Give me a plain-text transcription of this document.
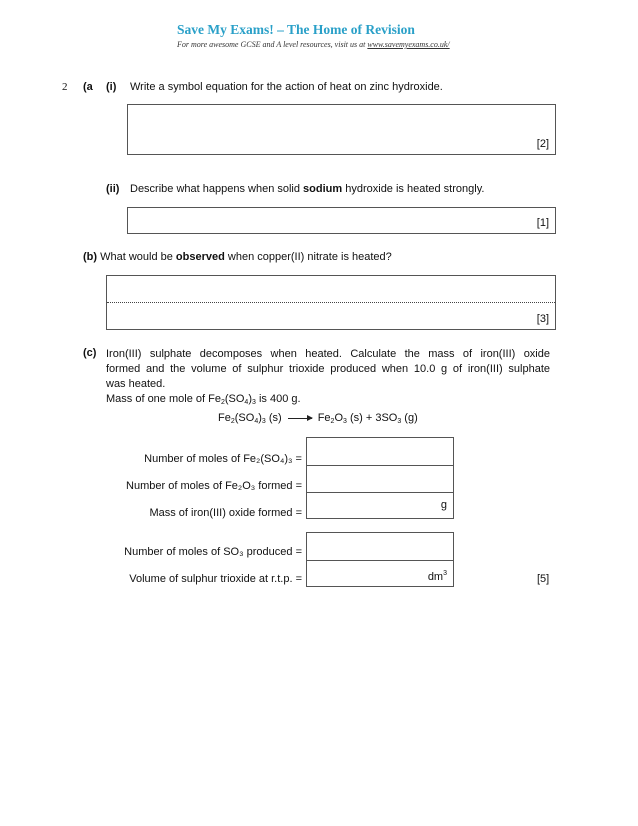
Save My Exams! – The Home of Revision
For more awesome GCSE and A level resources, visit us at www.savemyexams.co.uk/
2 (a (i) Write a symbol equation for the action of heat on zinc hydroxide.
[2]
(ii) Describe what happens when solid sodium hydroxide is heated strongly.
[1]
(b) What would be observed when copper(II) nitrate is heated?
[3]
(c) Iron(III) sulphate decomposes when heated. Calculate the mass of iron(III) oxide
formed and the volume of sulphur trioxide produced when 10.0 g of iron(III) sulphate
was heated.
Mass of one mole of $Fe_2(SO_4)_3$ is 400 g.
$Fe_2(SO_4)_3$ $(s) \to Fe_2O_3$ $(s) + 3SO_3$ (g)
Number of moles of Fe₂(SO₄)₃ =
Number of moles of Fe₂O₃ formed =
Mass of iron(III) oxide formed =
g
Number of moles of SO₃ produced =
Volume of sulphur trioxide at r.t.p. =	$dm^3$	[5]
